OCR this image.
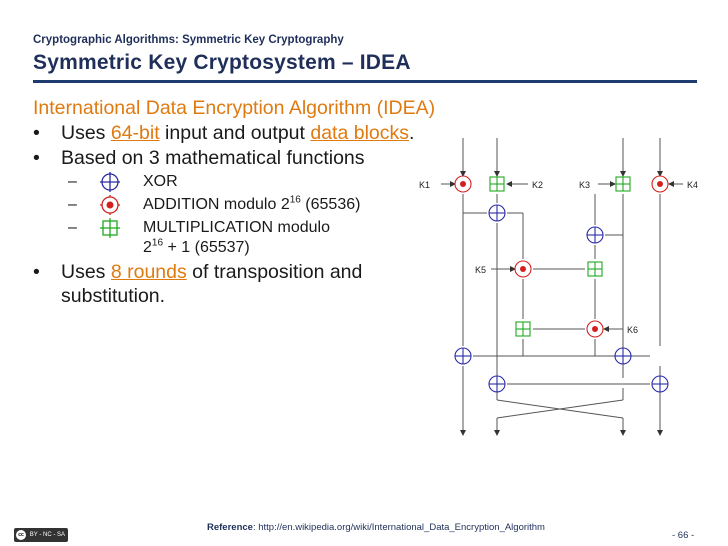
Cryptographic Algorithms: Symmetric Key Cryptography
Symmetric Key Cryptosystem – IDEA
International Data Encryption Algorithm (IDEA)
• Uses 64-bit input and output data blocks.
• Based on 3 mathematical functions
–	XOR
–	ADDITION modulo $2^{16}$ (65536)
–	MULTIPLICATION modulo
$2^{16} + 1$ (65537)
• Uses 8 rounds of transposition and substitution.
K1	K2	K3	K4
K5
K6
cc BY - NC - SA
Reference: http://en.wikipedia.org/wiki/International_Data_Encryption_Algorithm
- 66 -
